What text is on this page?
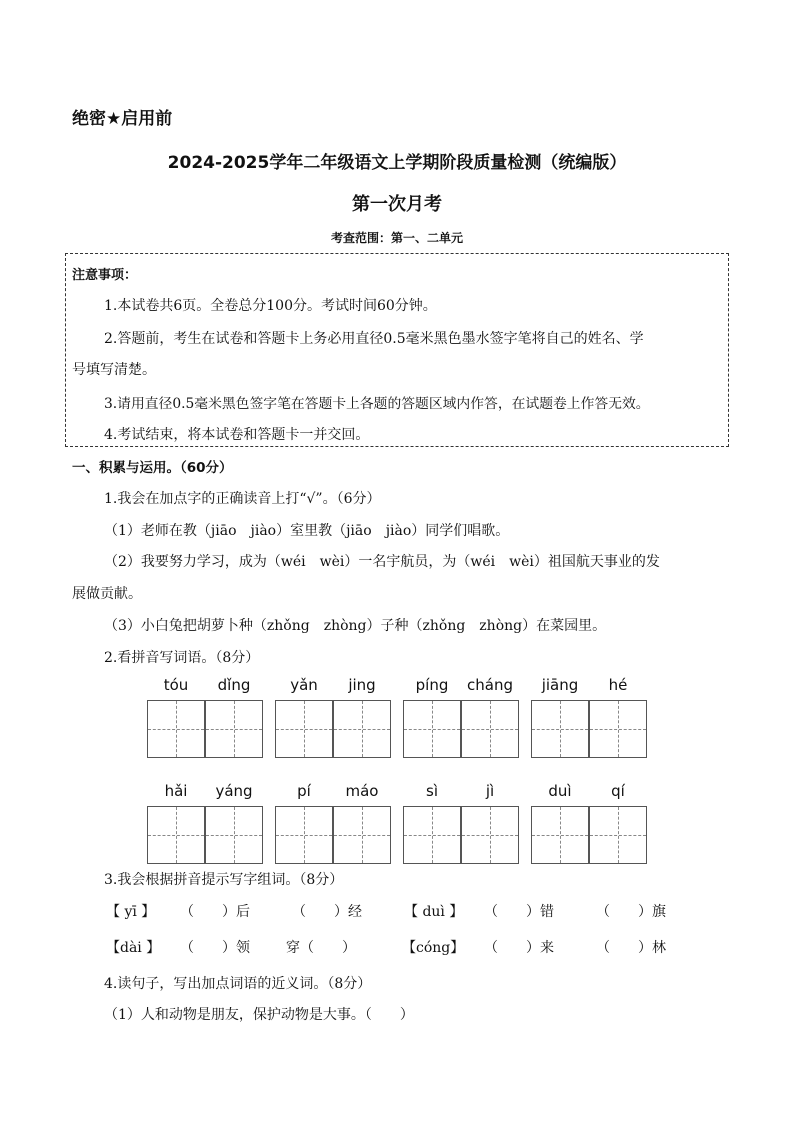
绝密★启用前
2024-2025学年二年级语文上学期阶段质量检测（统编版）
第一次月考
考查范围：第一、二单元
注意事项：
1.本试卷共6页。全卷总分100分。考试时间60分钟。
2.答题前，考生在试卷和答题卡上务必用直径0.5毫米黑色墨水签字笔将自己的姓名、学
号填写清楚。
3.请用直径0.5毫米黑色签字笔在答题卡上各题的答题区域内作答，在试题卷上作答无效。
4.考试结束，将本试卷和答题卡一并交回。
一、积累与运用。（60分）
1.我会在加点字的正确读音上打“√”。（6分）
（1）老师在教（jiāo　jiào）室里教（jiāo　jiào）同学们唱歌。
（2）我要努力学习，成为（wéi　wèi）一名宇航员，为（wéi　wèi）祖国航天事业的发
展做贡献。
（3）小白兔把胡萝卜种（zhǒng　zhòng）子种（zhǒng　zhòng）在菜园里。
2.看拼音写词语。（8分）
tóu	dǐng	yǎn	jing	píng	cháng	jiāng	hé
hǎi	yáng	pí	máo	sì	jì	duì	qí
3.我会根据拼音提示写字组词。（8分）
【 yī 】 （　　）后	（　　）经	【 duì 】 （　　）错	（　　）旗
【dài 】 （　　）领	穿（　　）	【cóng】 （　　）来	（　　）林
4.读句子，写出加点词语的近义词。（8分）
（1）人和动物是朋友，保护动物是大事。（　　）
